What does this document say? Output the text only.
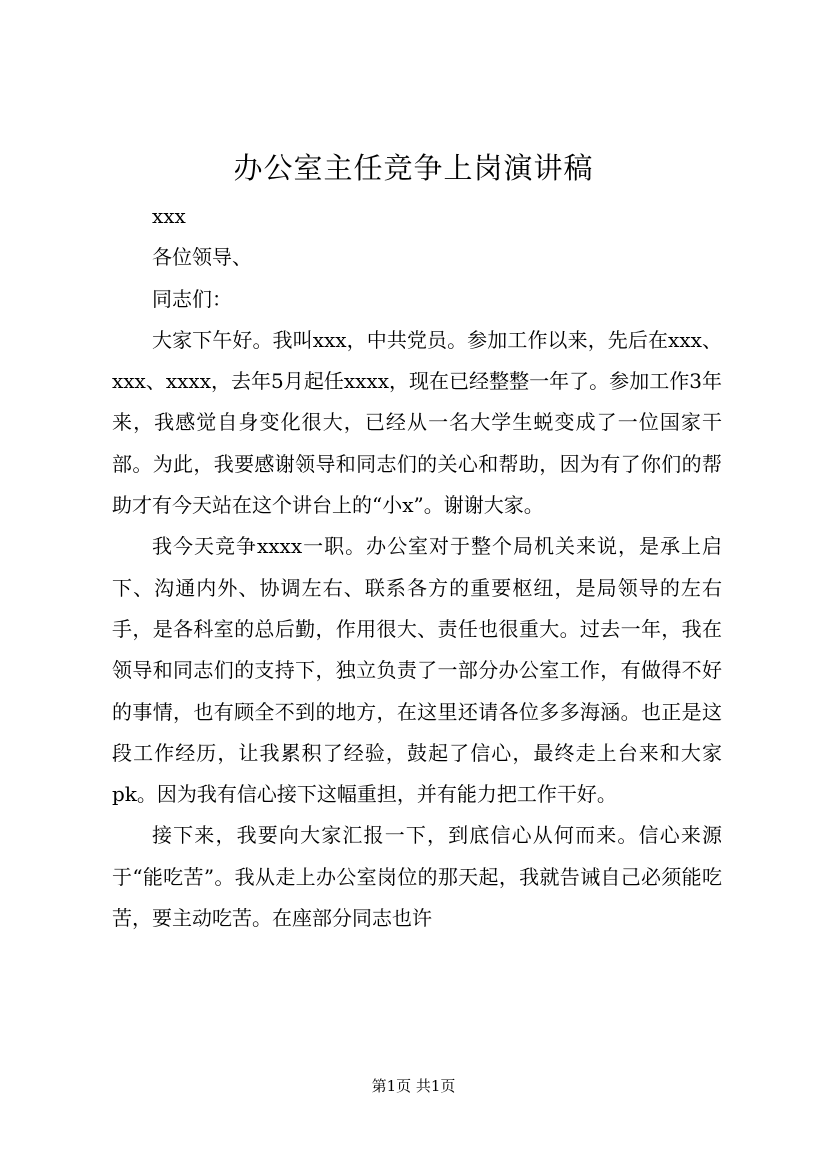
办公室主任竞争上岗演讲稿

xxx

各位领导、

同志们：

大家下午好。我叫xxx，中共党员。参加工作以来，先后在xxx、xxx、xxxx，去年5月起任xxxx，现在已经整整一年了。参加工作3年来，我感觉自身变化很大，已经从一名大学生蜕变成了一位国家干部。为此，我要感谢领导和同志们的关心和帮助，因为有了你们的帮助才有今天站在这个讲台上的“小x”。谢谢大家。

我今天竞争xxxx一职。办公室对于整个局机关来说，是承上启下、沟通内外、协调左右、联系各方的重要枢纽，是局领导的左右手，是各科室的总后勤，作用很大、责任也很重大。过去一年，我在领导和同志们的支持下，独立负责了一部分办公室工作，有做得不好的事情，也有顾全不到的地方，在这里还请各位多多海涵。也正是这段工作经历，让我累积了经验，鼓起了信心，最终走上台来和大家pk。因为我有信心接下这幅重担，并有能力把工作干好。

接下来，我要向大家汇报一下，到底信心从何而来。信心来源于“能吃苦”。我从走上办公室岗位的那天起，我就告诫自己必须能吃苦，要主动吃苦。在座部分同志也许

第1页 共1页
